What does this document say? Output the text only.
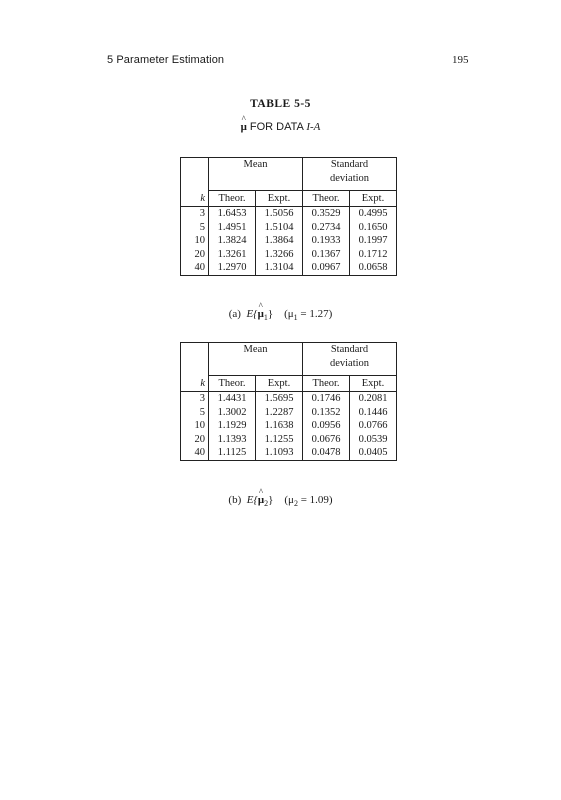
5 Parameter Estimation	195
TABLE 5-5
^ μ FOR DATA I-A
	Mean		Standard
deviation	
k	Theor.	Expt.	Theor.	Expt.
3	1.6453	1.5056	0.3529	0.4995
5	1.4951	1.5104	0.2734	0.1650
10	1.3824	1.3864	0.1933	0.1997
20	1.3261	1.3266	0.1367	0.1712
40	1.2970	1.3104	0.0967	0.0658
(a) E{^ $\mu_1$} $(\mu_1 = 1.27)$
	Mean		Standard
deviation	
k	Theor.	Expt.	Theor.	Expt.
3	1.4431	1.5695	0.1746	0.2081
5	1.3002	1.2287	0.1352	0.1446
10	1.1929	1.1638	0.0956	0.0766
20	1.1393	1.1255	0.0676	0.0539
40	1.1125	1.1093	0.0478	0.0405
(b) E{^ $\mu_2$} $(\mu_2 = 1.09)$
